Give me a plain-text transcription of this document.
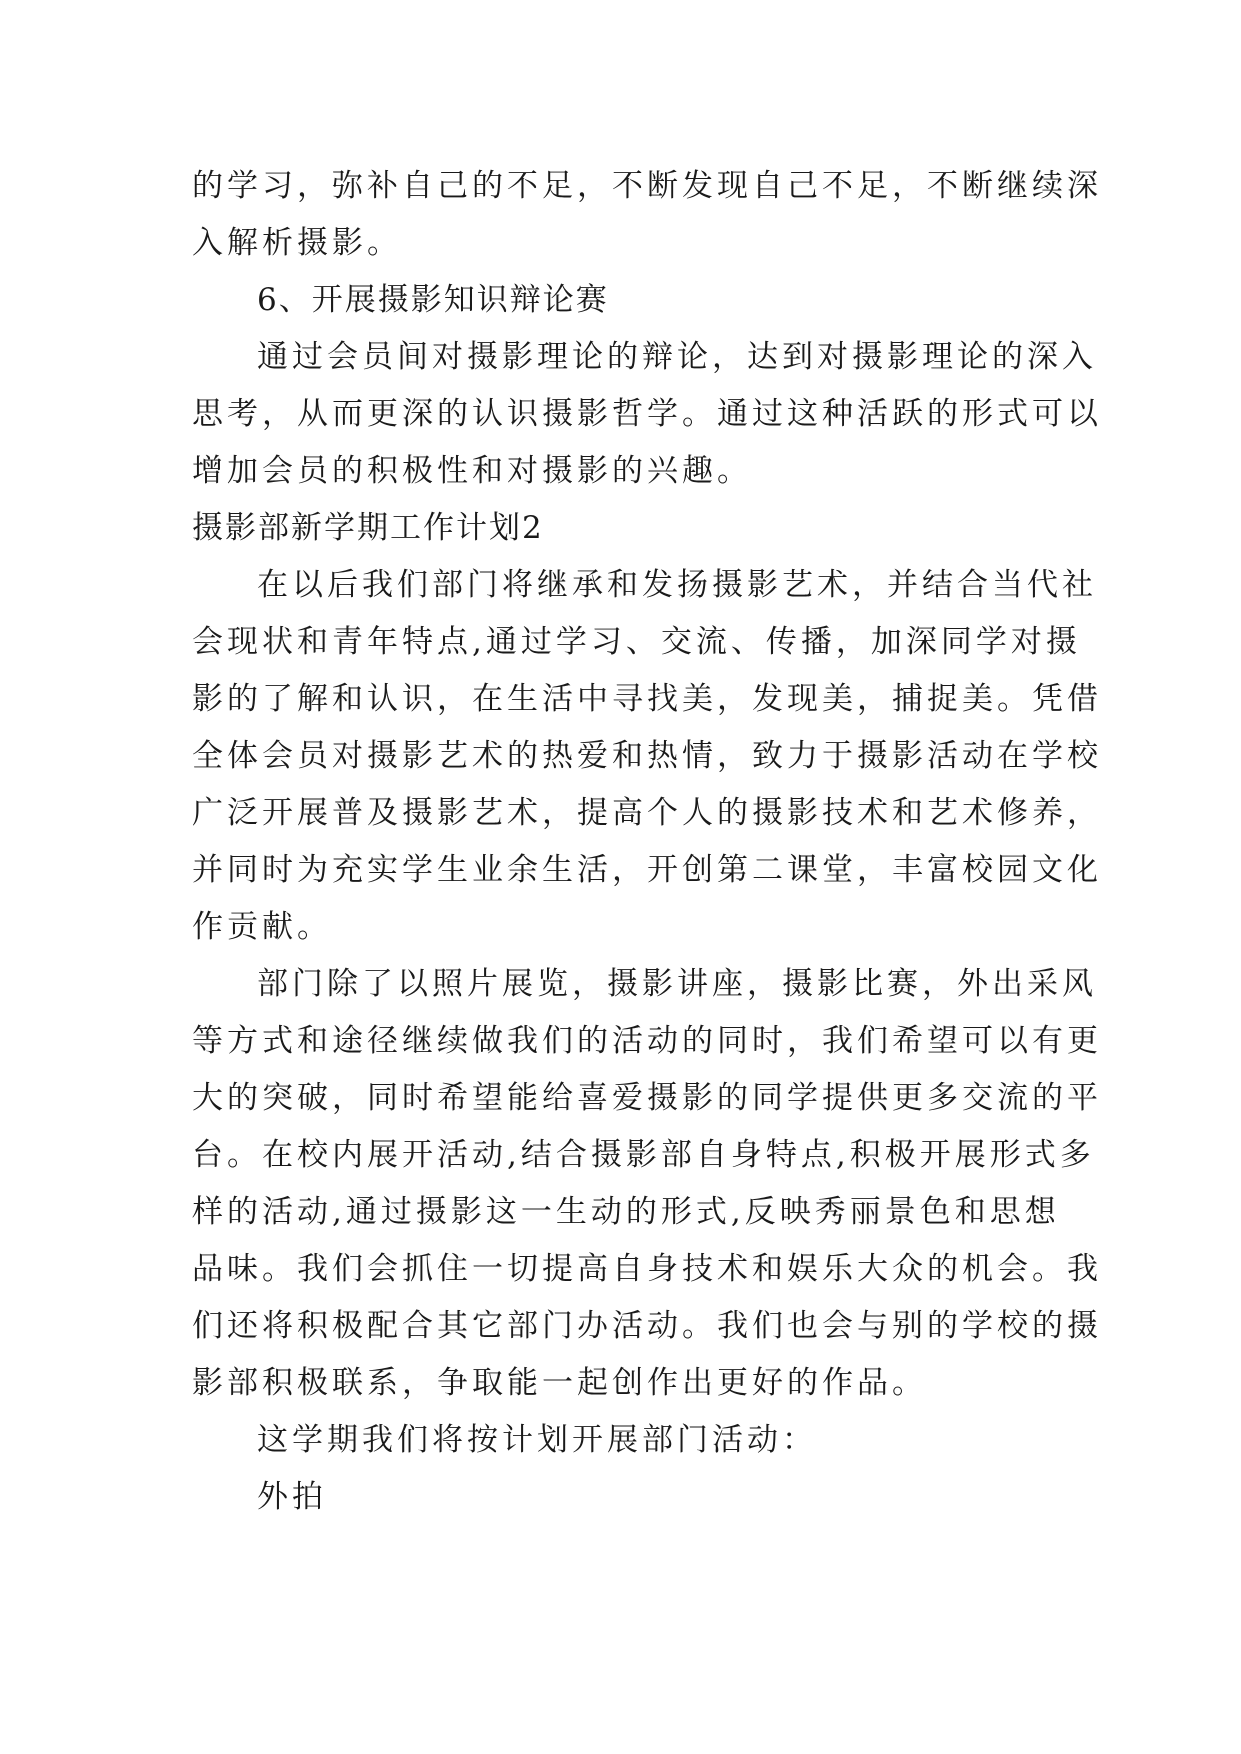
的学习，弥补自己的不足，不断发现自己不足，不断继续深
入解析摄影。
6、开展摄影知识辩论赛
通过会员间对摄影理论的辩论，达到对摄影理论的深入
思考，从而更深的认识摄影哲学。通过这种活跃的形式可以
增加会员的积极性和对摄影的兴趣。
摄影部新学期工作计划2
在以后我们部门将继承和发扬摄影艺术，并结合当代社
会现状和青年特点,通过学习、交流、传播，加深同学对摄
影的了解和认识，在生活中寻找美，发现美，捕捉美。凭借
全体会员对摄影艺术的热爱和热情，致力于摄影活动在学校
广泛开展普及摄影艺术，提高个人的摄影技术和艺术修养，
并同时为充实学生业余生活，开创第二课堂，丰富校园文化
作贡献。
部门除了以照片展览，摄影讲座，摄影比赛，外出采风
等方式和途径继续做我们的活动的同时，我们希望可以有更
大的突破，同时希望能给喜爱摄影的同学提供更多交流的平
台。在校内展开活动,结合摄影部自身特点,积极开展形式多
样的活动,通过摄影这一生动的形式,反映秀丽景色和思想
品味。我们会抓住一切提高自身技术和娱乐大众的机会。我
们还将积极配合其它部门办活动。我们也会与别的学校的摄
影部积极联系，争取能一起创作出更好的作品。
这学期我们将按计划开展部门活动：
外拍
